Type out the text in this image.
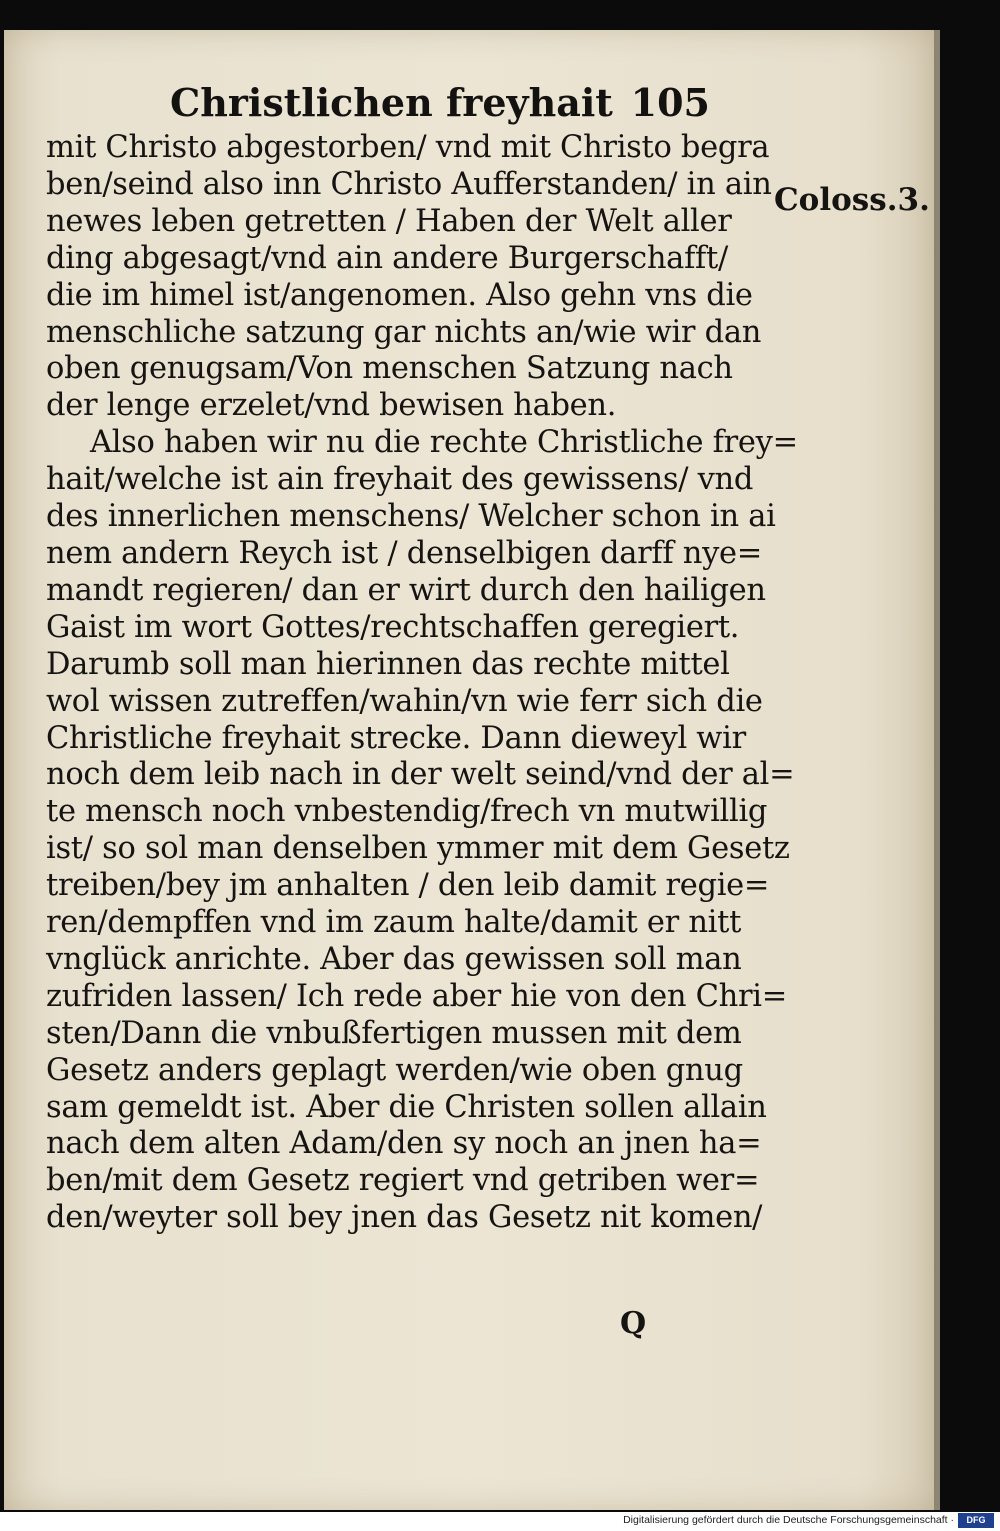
Christlichen freyhait 105
Coloss.3.
mit Christo abgestorben/ vnd mit Christo begra
ben/seind also inn Christo Aufferstanden/ in ain
newes leben getretten / Haben der Welt aller
ding abgesagt/vnd ain andere Burgerschafft/
die im himel ist/angenomen. Also gehn vns die
menschliche satzung gar nichts an/wie wir dan
oben genugsam/Von menschen Satzung nach
der lenge erzelet/vnd bewisen haben.
Also haben wir nu die rechte Christliche frey=
hait/welche ist ain freyhait des gewissens/ vnd
des innerlichen menschens/ Welcher schon in ai
nem andern Reych ist / denselbigen darff nye=
mandt regieren/ dan er wirt durch den hailigen
Gaist im wort Gottes/rechtschaffen geregiert.
Darumb soll man hierinnen das rechte mittel
wol wissen zutreffen/wahin/vn wie ferr sich die
Christliche freyhait strecke. Dann dieweyl wir
noch dem leib nach in der welt seind/vnd der al=
te mensch noch vnbestendig/frech vn mutwillig
ist/ so sol man denselben ymmer mit dem Gesetz
treiben/bey jm anhalten / den leib damit regie=
ren/dempffen vnd im zaum halte/damit er nitt
vnglück anrichte. Aber das gewissen soll man
zufriden lassen/ Ich rede aber hie von den Chri=
sten/Dann die vnbußfertigen mussen mit dem
Gesetz anders geplagt werden/wie oben gnug
sam gemeldt ist. Aber die Christen sollen allain
nach dem alten Adam/den sy noch an jnen ha=
ben/mit dem Gesetz regiert vnd getriben wer=
den/weyter soll bey jnen das Gesetz nit komen/
Q
Digitalisierung gefördert durch die Deutsche Forschungsgemeinschaft ·	DFG
